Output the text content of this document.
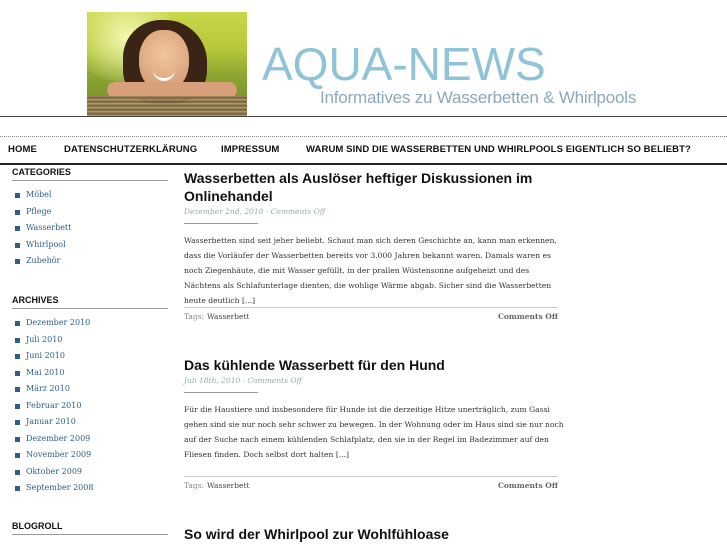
AQUA-NEWS
Informatives zu Wasserbetten & Whirlpools
HOME	DATENSCHUTZERKLÄRUNG	IMPRESSUM	WARUM SIND DIE WASSERBETTEN UND WHIRLPOOLS EIGENTLICH SO BELIEBT?
CATEGORIES
Möbel
Pflege
Wasserbett
Whirlpool
Zubehör
ARCHIVES
Dezember 2010
Juli 2010
Juni 2010
Mai 2010
März 2010
Februar 2010
Januar 2010
Dezember 2009
November 2009
Oktober 2009
September 2008
BLOGROLL
Wasserbetten als Auslöser heftiger Diskussionen im Onlinehandel
Dezember 2nd, 2010 · Comments Off
Wasserbetten sind seit jeher beliebt. Schaut man sich deren Geschichte an, kann man erkennen, dass die Vorläufer der Wasserbetten bereits vor 3.000 Jahren bekannt waren. Damals waren es noch Ziegenhäute, die mit Wasser gefüllt, in der prallen Wüstensonne aufgeheizt und des Nächtens als Schlafunterlage dienten, die wohlige Wärme abgab. Sicher sind die Wasserbetten heute deutlich [...]
Tags: Wasserbett	Comments Off
Das kühlende Wasserbett für den Hund
Juli 18th, 2010 · Comments Off
Für die Haustiere und insbesondere für Hunde ist die derzeitige Hitze unerträglich, zum Gassi gehen sind sie nur noch sehr schwer zu bewegen. In der Wohnung oder im Haus sind sie nur noch auf der Suche nach einem kühlenden Schlafplatz, den sie in der Regel im Badezimmer auf den Fliesen finden. Doch selbst dort halten [...]
Tags: Wasserbett	Comments Off
So wird der Whirlpool zur Wohlfühloase
